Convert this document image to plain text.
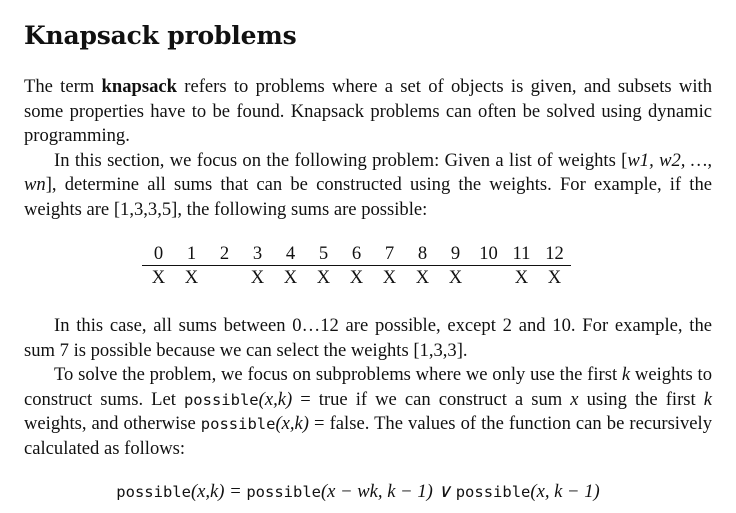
Knapsack problems

The term knapsack refers to problems where a set of objects is given, and subsets with some properties have to be found. Knapsack problems can often be solved using dynamic programming.

In this section, we focus on the following problem: Given a list of weights [w1, w2, …, wn], determine all sums that can be constructed using the weights. For example, if the weights are [1,3,3,5], the following sums are possible:

0	1	2	3	4	5	6	7	8	9	10	11	12
X	X		X	X	X	X	X	X	X		X	X

In this case, all sums between 0…12 are possible, except 2 and 10. For example, the sum 7 is possible because we can select the weights [1,3,3].

To solve the problem, we focus on subproblems where we only use the first k weights to construct sums. Let possible(x,k) = true if we can construct a sum x using the first k weights, and otherwise possible(x,k) = false. The values of the function can be recursively calculated as follows:

possible(x,k) = possible(x − wk, k − 1) ∨ possible(x, k − 1)
